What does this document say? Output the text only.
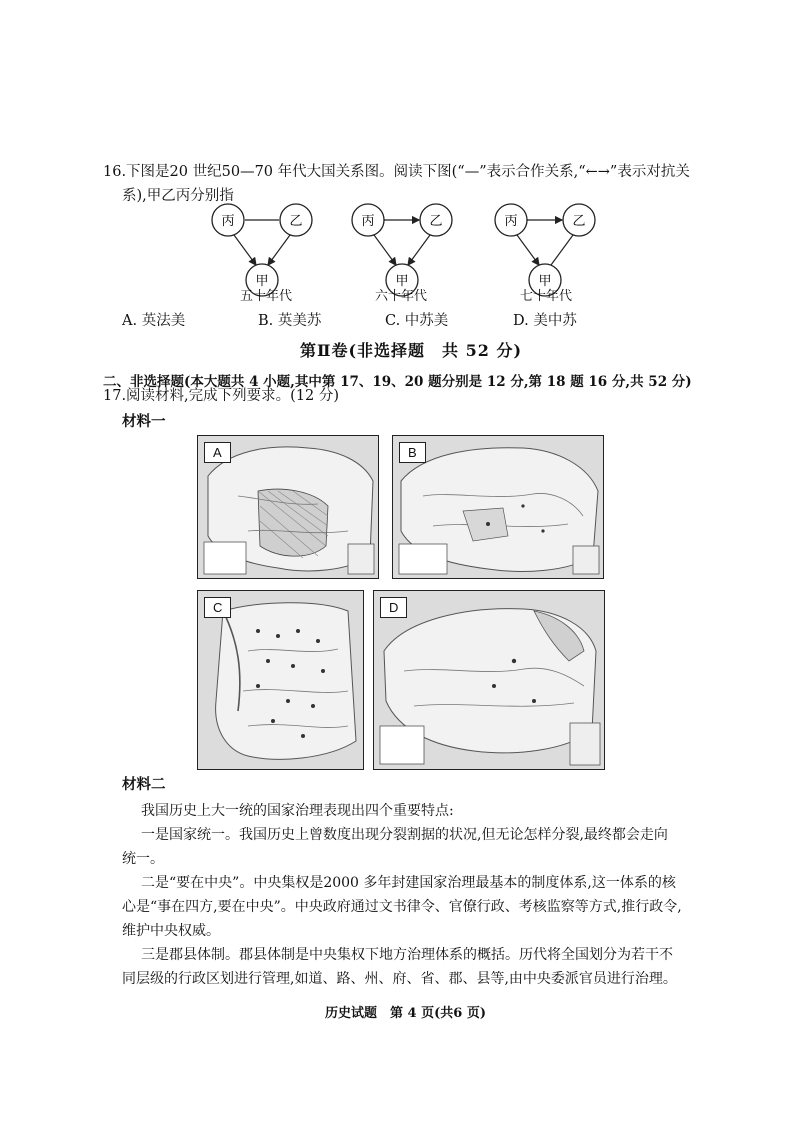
16.下图是20 世纪50—70 年代大国关系图。阅读下图(“—”表示合作关系,“←→”表示对抗关
系),甲乙丙分别指
丙	乙
甲
五十年代
丙	乙
甲
六十年代
丙	乙
甲
七十年代
A. 英法美	B. 英美苏	C. 中苏美	D. 美中苏
第Ⅱ卷(非选择题　共 52 分)
二、非选择题(本大题共 4 小题,其中第 17、19、20 题分别是 12 分,第 18 题 16 分,共 52 分)
17.阅读材料,完成下列要求。(12 分)
材料一
A	B
C	D
材料二
我国历史上大一统的国家治理表现出四个重要特点:
一是国家统一。我国历史上曾数度出现分裂割据的状况,但无论怎样分裂,最终都会走向
统一。
二是“要在中央”。中央集权是2000 多年封建国家治理最基本的制度体系,这一体系的核
心是“事在四方,要在中央”。中央政府通过文书律令、官僚行政、考核监察等方式,推行政令,
维护中央权威。
三是郡县体制。郡县体制是中央集权下地方治理体系的概括。历代将全国划分为若干不
同层级的行政区划进行管理,如道、路、州、府、省、郡、县等,由中央委派官员进行治理。
历史试题　第 4 页(共6 页)
